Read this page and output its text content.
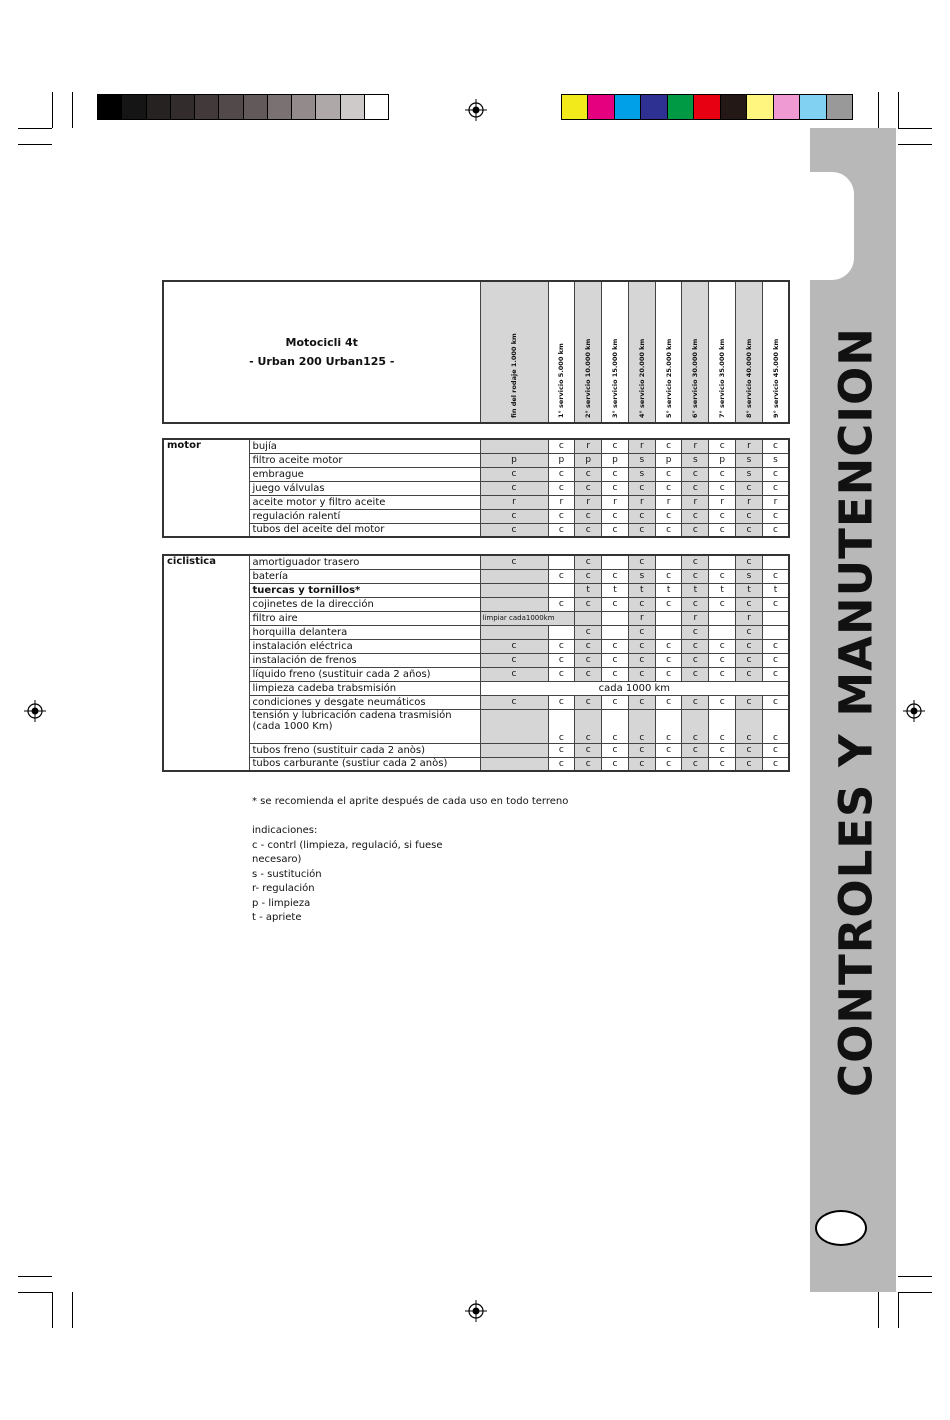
CONTROLES Y MANUTENCION
Motocicli 4t
- Urban 200 Urban125 -	fin del rodaje 1.000 km	1° servicio 5.000 km	2° servicio 10.000 km	3° servicio 15.000 km	4° servicio 20.000 km	5° servicio 25.000 km	6° servicio 30.000 km	7° servicio 35.000 km	8° servicio 40.000 km	9° servicio 45.000 km
motor	bujía		c	r	c	r	c	r	c	r	c

	filtro aceite motor	p	p	p	p	s	p	s	p	s	s

	embrague	c	c	c	c	s	c	c	c	s	c

	juego válvulas	c	c	c	c	c	c	c	c	c	c

	aceite motor y filtro aceite	r	r	r	r	r	r	r	r	r	r

	regulación ralentí	c	c	c	c	c	c	c	c	c	c

	tubos del aceite del motor	c	c	c	c	c	c	c	c	c	c
ciclistica	amortiguador trasero	c		c		c		c		c	

	batería		c	c	c	s	c	c	c	s	c

	tuercas y tornillos*			t	t	t	t	t	t	t	t

	cojinetes de la dirección		c	c	c	c	c	c	c	c	c

	filtro aire	limpiar cada1000km				r		r		r	

	horquilla delantera			c		c		c		c	

	instalación eléctrica	c	c	c	c	c	c	c	c	c	c

	instalación de frenos	c	c	c	c	c	c	c	c	c	c

	líquido freno (sustituir cada 2 años)	c	c	c	c	c	c	c	c	c	c

	limpieza cadeba trabsmisión	cada 1000 km									

	condiciones y desgate neumáticos	c	c	c	c	c	c	c	c	c	c

	tensión y lubricación cadena trasmisión
(cada 1000 Km)		c	c	c	c	c	c	c	c	c

	tubos freno (sustituir cada 2 anòs)		c	c	c	c	c	c	c	c	c

	tubos carburante (sustiur cada 2 anòs)		c	c	c	c	c	c	c	c	c
* se recomienda el aprite después de cada uso en todo terreno
indicaciones:
c - contrl (limpieza, regulació, si fuese
necesaro)
s - sustitución
r- regulación
p - limpieza
t - apriete
